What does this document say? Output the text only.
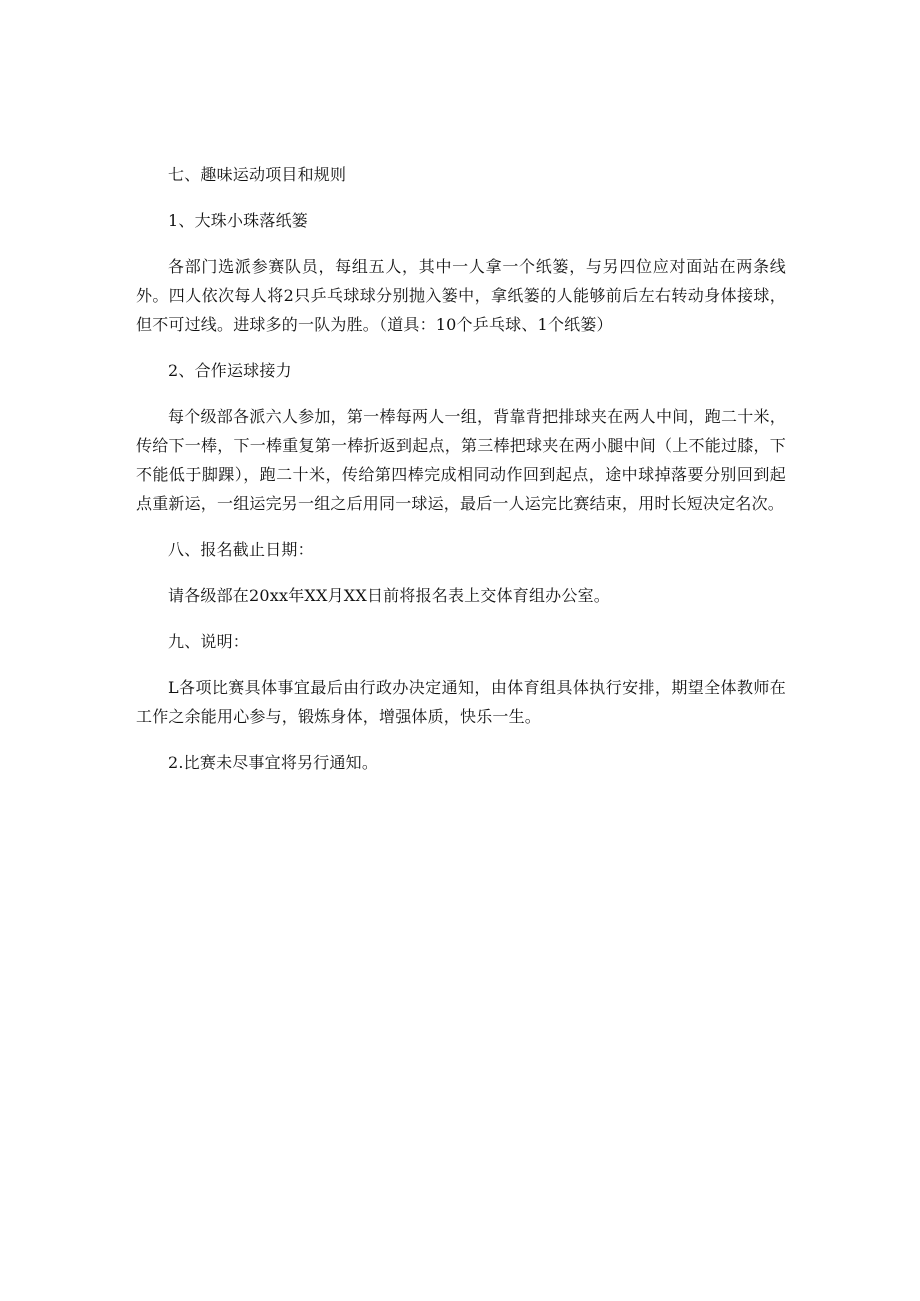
七、趣味运动项目和规则

1、大珠小珠落纸篓

各部门选派参赛队员，每组五人，其中一人拿一个纸篓，与另四位应对面站在两条线外。四人依次每人将2只乒乓球球分别抛入篓中，拿纸篓的人能够前后左右转动身体接球，但不可过线。进球多的一队为胜。（道具：10个乒乓球、1个纸篓）

2、合作运球接力

每个级部各派六人参加，第一棒每两人一组，背靠背把排球夹在两人中间，跑二十米，传给下一棒，下一棒重复第一棒折返到起点，第三棒把球夹在两小腿中间（上不能过膝，下不能低于脚踝），跑二十米，传给第四棒完成相同动作回到起点，途中球掉落要分别回到起点重新运，一组运完另一组之后用同一球运，最后一人运完比赛结束，用时长短决定名次。

八、报名截止日期：

请各级部在20xx年XX月XX日前将报名表上交体育组办公室。

九、说明：

L各项比赛具体事宜最后由行政办决定通知，由体育组具体执行安排，期望全体教师在工作之余能用心参与，锻炼身体，增强体质，快乐一生。

2.比赛未尽事宜将另行通知。
